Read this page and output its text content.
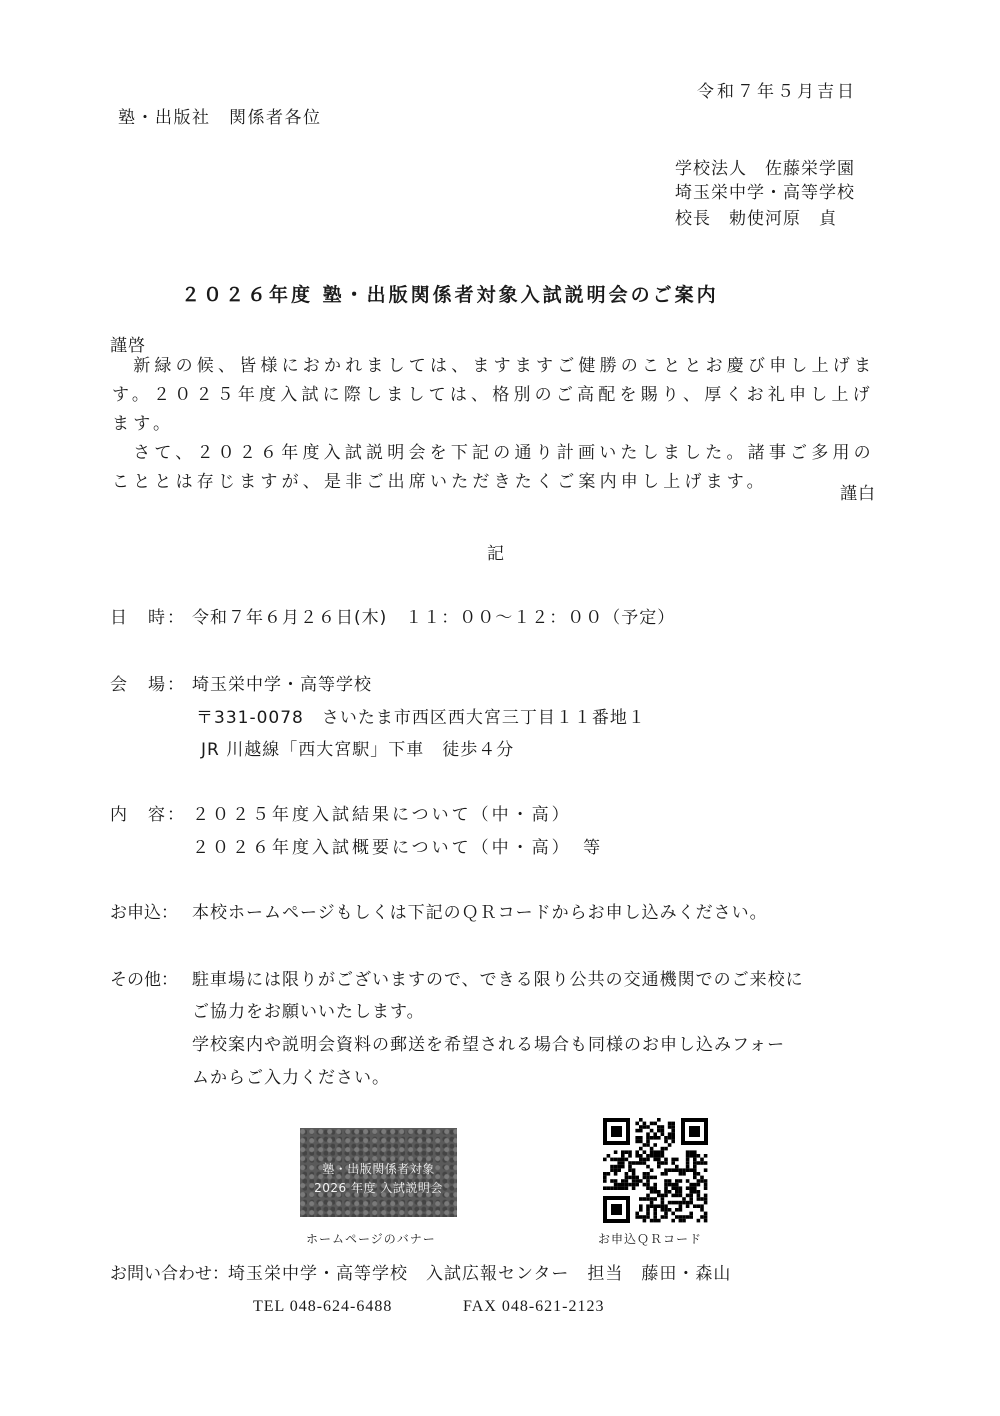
令和７年５月吉日
塾・出版社　関係者各位
学校法人　佐藤栄学園
埼玉栄中学・高等学校
校長　勅使河原　貞
２０２６年度 塾・出版関係者対象入試説明会のご案内
謹啓

　新緑の候、皆様におかれましては、ますますご健勝のこととお慶び申し上げます。２０２５年度入試に際しましては、格別のご高配を賜り、厚くお礼申し上げます。

　さて、２０２６年度入試説明会を下記の通り計画いたしました。諸事ご多用のこととは存じますが、是非ご出席いただきたくご案内申し上げます。

謹白
記
日　時： 令和７年６月２６日(木)　１１：００～１２：００（予定）
会　場： 埼玉栄中学・高等学校
〒331-0078　さいたま市西区西大宮三丁目１１番地１
JR 川越線「西大宮駅」下車　徒歩４分
内　容： ２０２５年度入試結果について（中・高）
２０２６年度入試概要について（中・高）　等
お申込： 本校ホームページもしくは下記のＱＲコードからお申し込みください。
その他： 駐車場には限りがございますので、できる限り公共の交通機関でのご来校に
ご協力をお願いいたします。
学校案内や説明会資料の郵送を希望される場合も同様のお申し込みフォー
ムからご入力ください。
塾・出版関係者対象
2026 年度 入試説明会
ホームページのバナー	お申込ＱＲコード
お問い合わせ： 埼玉栄中学・高等学校　入試広報センター　担当　藤田・森山
TEL 048-624-6488	FAX 048-621-2123
